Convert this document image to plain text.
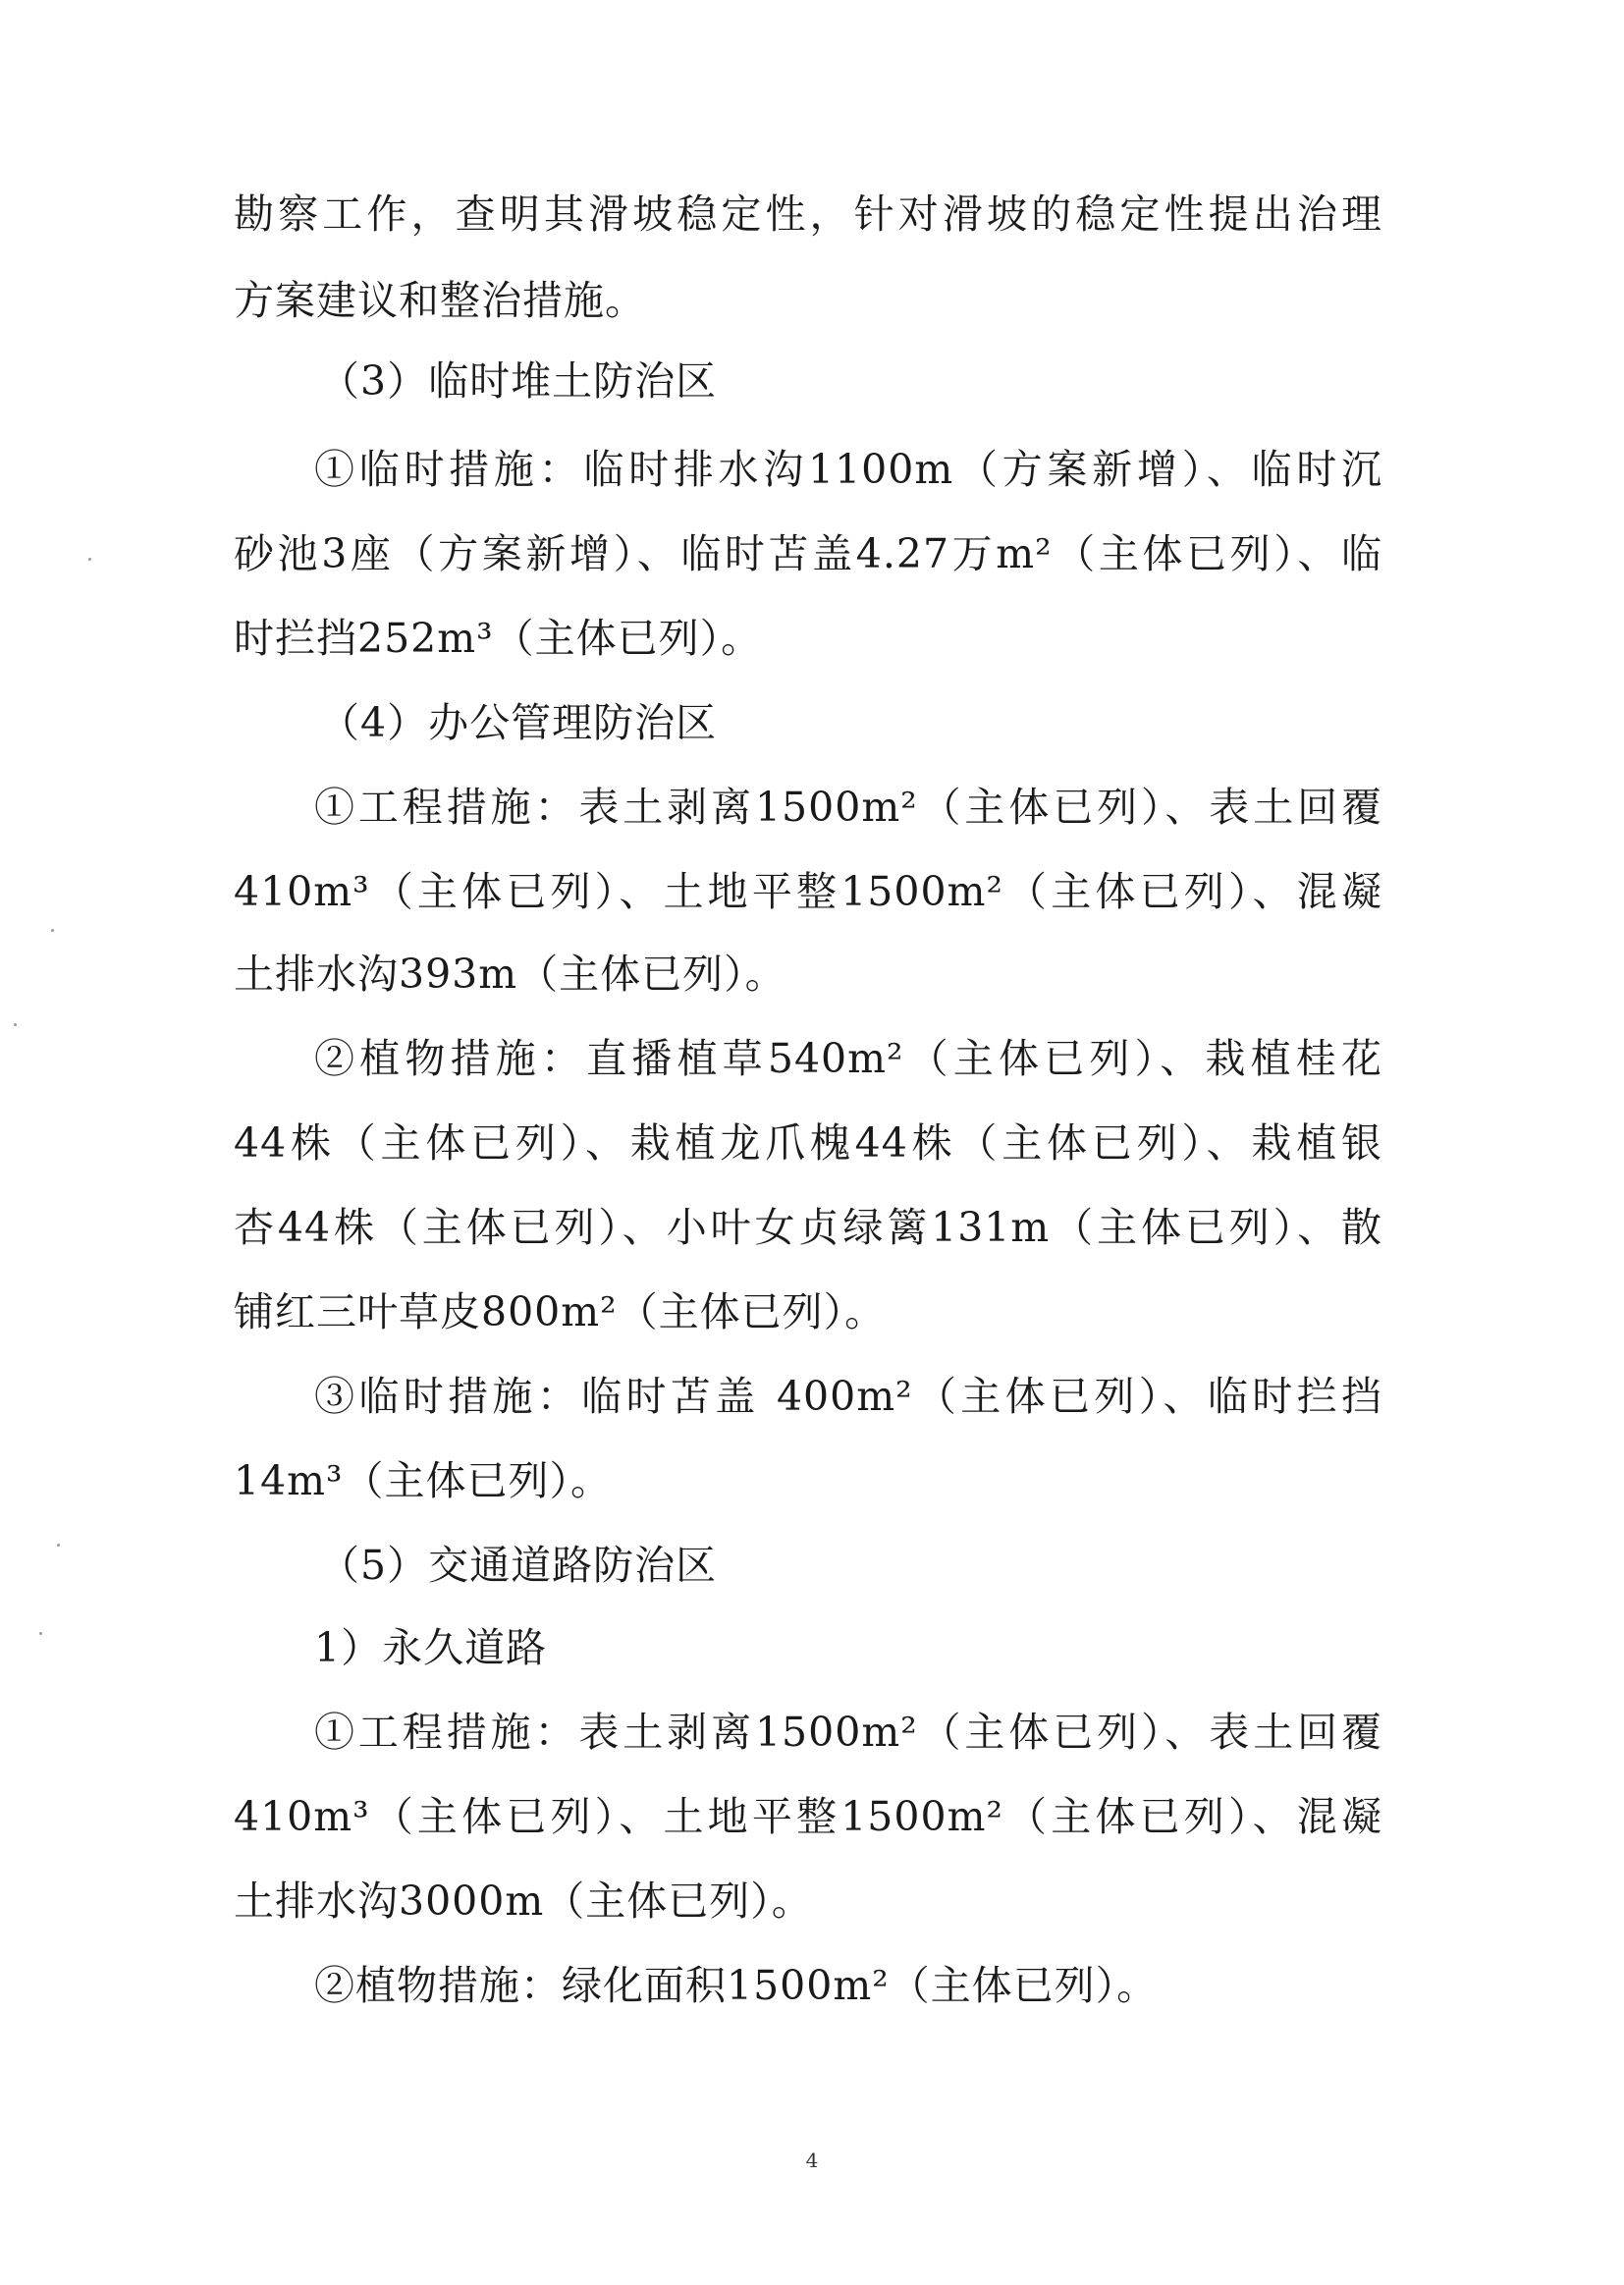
勘察工作，查明其滑坡稳定性，针对滑坡的稳定性提出治理
方案建议和整治措施。
（3）临时堆土防治区
①临时措施：临时排水沟1100m（方案新增）、临时沉
砂池3座（方案新增）、临时苫盖4.27万m²（主体已列）、临
时拦挡252m³（主体已列）。
（4）办公管理防治区
①工程措施：表土剥离1500m²（主体已列）、表土回覆
410m³（主体已列）、土地平整1500m²（主体已列）、混凝
土排水沟393m（主体已列）。
②植物措施：直播植草540m²（主体已列）、栽植桂花
44株（主体已列）、栽植龙爪槐44株（主体已列）、栽植银
杏44株（主体已列）、小叶女贞绿篱131m（主体已列）、散
铺红三叶草皮800m²（主体已列）。
③临时措施：临时苫盖 400m²（主体已列）、临时拦挡
14m³（主体已列）。
（5）交通道路防治区
1）永久道路
①工程措施：表土剥离1500m²（主体已列）、表土回覆
410m³（主体已列）、土地平整1500m²（主体已列）、混凝
土排水沟3000m（主体已列）。
②植物措施：绿化面积1500m²（主体已列）。
4
